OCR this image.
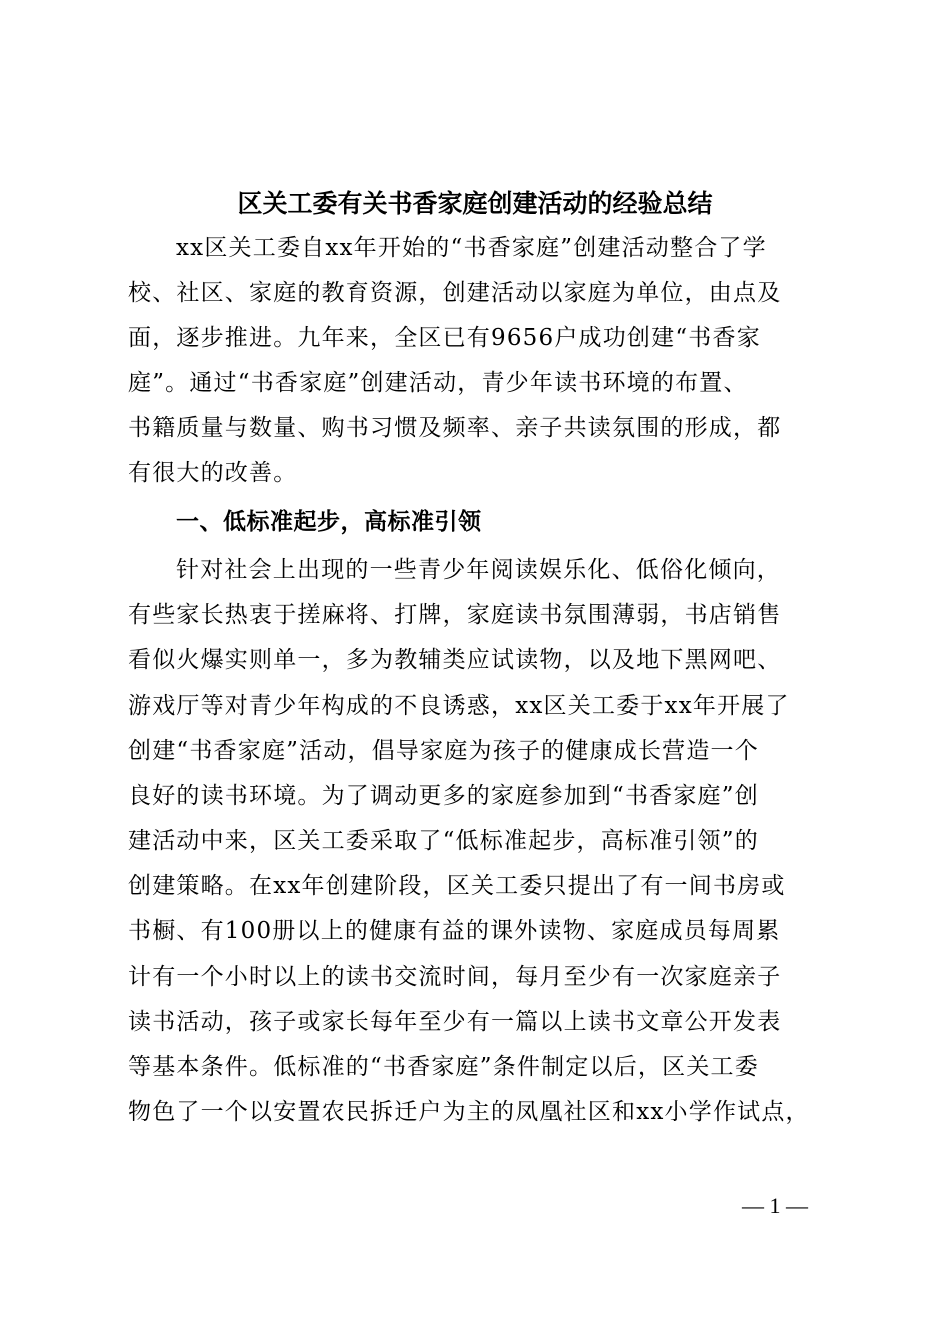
区关工委有关书香家庭创建活动的经验总结
xx区关工委自xx年开始的“书香家庭”创建活动整合了学
校、社区、家庭的教育资源，创建活动以家庭为单位，由点及
面，逐步推进。九年来，全区已有9656户成功创建“书香家
庭”。通过“书香家庭”创建活动，青少年读书环境的布置、
书籍质量与数量、购书习惯及频率、亲子共读氛围的形成，都
有很大的改善。
一、低标准起步，高标准引领
针对社会上出现的一些青少年阅读娱乐化、低俗化倾向，
有些家长热衷于搓麻将、打牌，家庭读书氛围薄弱，书店销售
看似火爆实则单一，多为教辅类应试读物，以及地下黑网吧、
游戏厅等对青少年构成的不良诱惑，xx区关工委于xx年开展了
创建“书香家庭”活动，倡导家庭为孩子的健康成长营造一个
良好的读书环境。为了调动更多的家庭参加到“书香家庭”创
建活动中来，区关工委采取了“低标准起步，高标准引领”的
创建策略。在xx年创建阶段，区关工委只提出了有一间书房或
书橱、有100册以上的健康有益的课外读物、家庭成员每周累
计有一个小时以上的读书交流时间，每月至少有一次家庭亲子
读书活动，孩子或家长每年至少有一篇以上读书文章公开发表
等基本条件。低标准的“书香家庭”条件制定以后，区关工委
物色了一个以安置农民拆迁户为主的凤凰社区和xx小学作试点，
— 1 —
